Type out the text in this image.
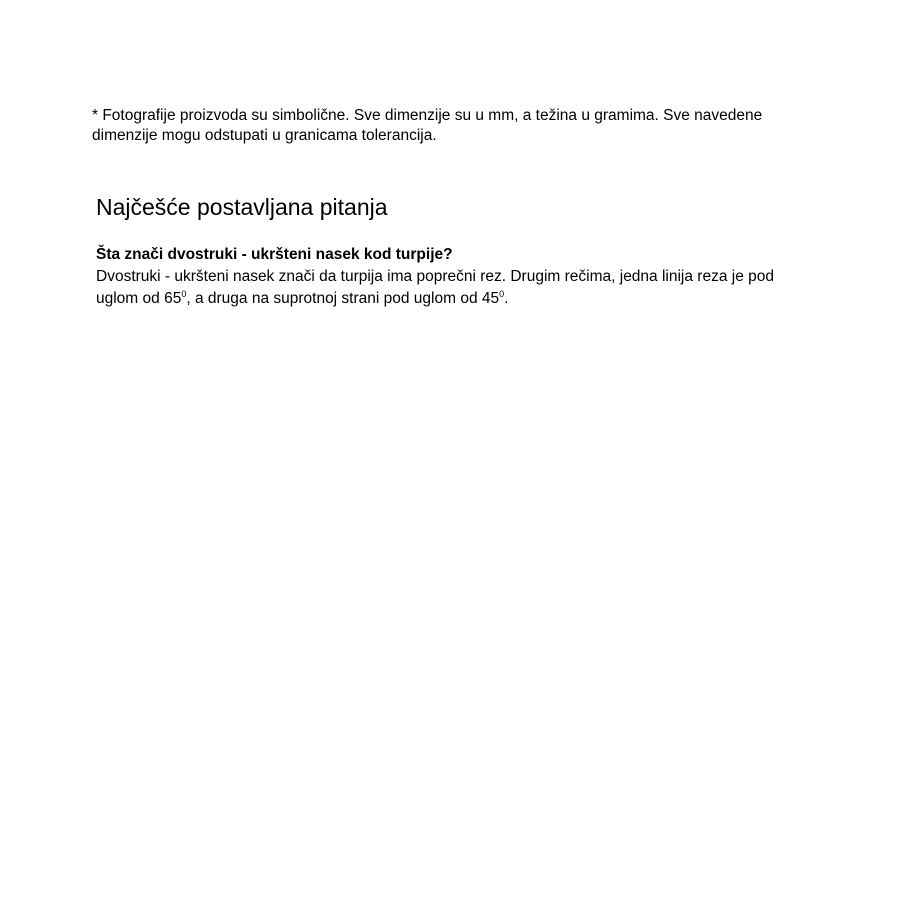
* Fotografije proizvoda su simbolične. Sve dimenzije su u mm, a težina u gramima. Sve navedene dimenzije mogu odstupati u granicama tolerancija.

Najčešće postavljana pitanja

Šta znači dvostruki - ukršteni nasek kod turpije?

Dvostruki - ukršteni nasek znači da turpija ima poprečni rez. Drugim rečima, jedna linija reza je pod uglom od $65^0$, a druga na suprotnoj strani pod uglom od $45^0$.
